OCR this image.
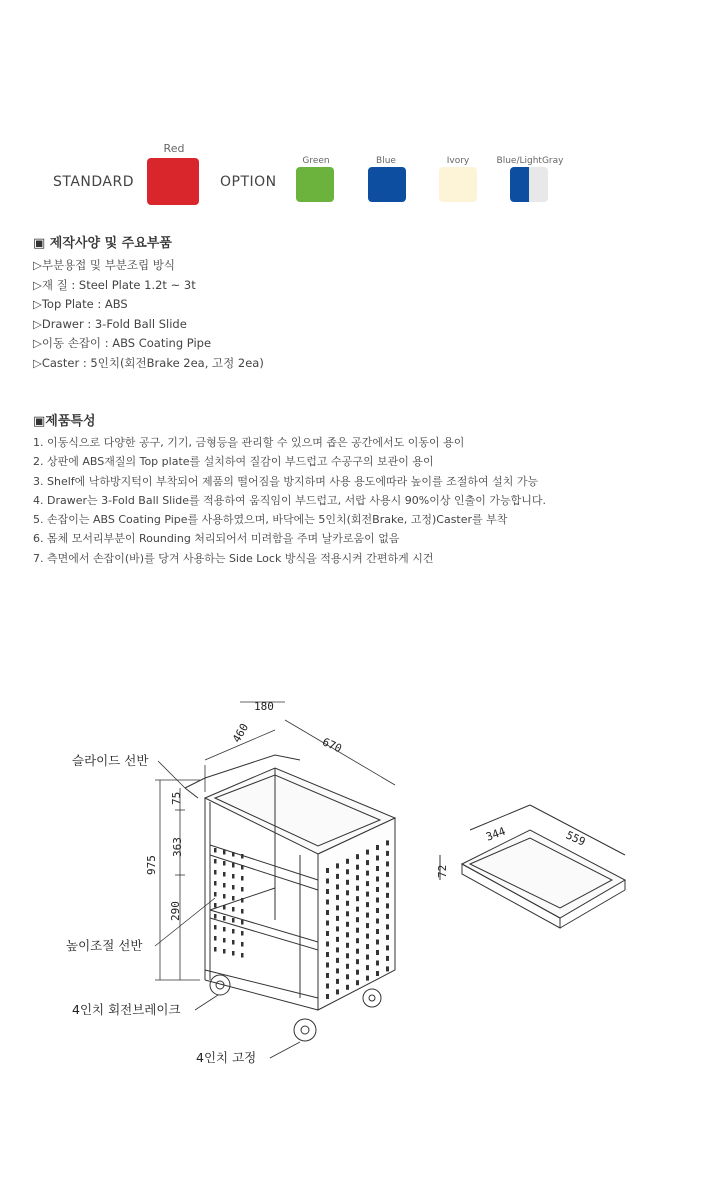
STANDARD
Red
OPTION
Green	Blue	Ivory	Blue/LightGray
▣ 제작사양 및 주요부품
▷부분용접 및 부분조립 방식
▷재 질 : Steel Plate 1.2t ~ 3t
▷Top Plate : ABS
▷Drawer : 3-Fold Ball Slide
▷이동 손잡이 : ABS Coating Pipe
▷Caster : 5인치(회전Brake 2ea, 고정 2ea)
▣제품특성
1. 이동식으로 다양한 공구, 기기, 금형등을 관리할 수 있으며 좁은 공간에서도 이동이 용이
2. 상판에 ABS재질의 Top plate를 설치하여 질감이 부드럽고 수공구의 보관이 용이
3. Shelf에 낙하방지턱이 부착되어 제품의 떨어짐을 방지하며 사용 용도에따라 높이를 조절하여 설치 가능
4. Drawer는 3-Fold Ball Slide를 적용하여 움직임이 부드럽고, 서랍 사용시 90%이상 인출이 가능합니다.
5. 손잡이는 ABS Coating Pipe를 사용하였으며, 바닥에는 5인치(회전Brake, 고정)Caster를 부착
6. 몸체 모서리부분이 Rounding 처리되어서 미려함을 주며 날카로움이 없음
7. 측면에서 손잡이(바)를 당겨 사용하는 Side Lock 방식을 적용시켜 간편하게 시건
180
460
670
975
75
363
290
344	559
72
슬라이드 선반
높이조절 선반
4인치 회전브레이크
4인치 고정
